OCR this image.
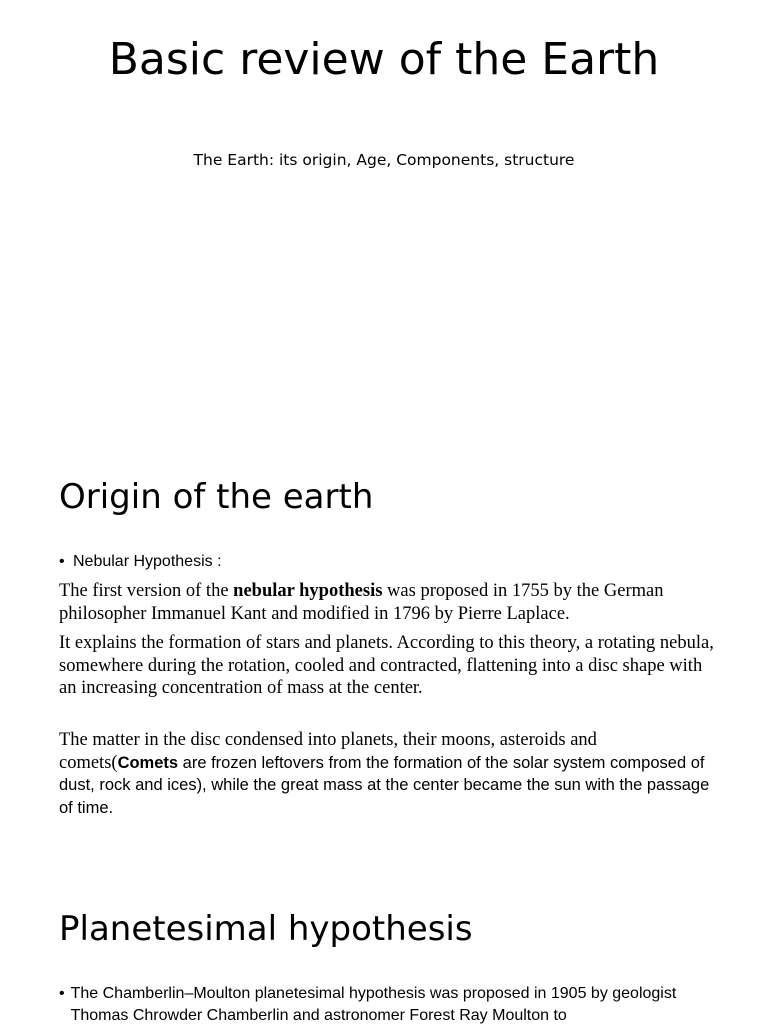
Basic review of the Earth

The Earth: its origin, Age, Components, structure

Origin of the earth
• Nebular Hypothesis :

The first version of the nebular hypothesis was proposed in 1755 by the German philosopher Immanuel Kant and modified in 1796 by Pierre Laplace.

It explains the formation of stars and planets. According to this theory, a rotating nebula, somewhere during the rotation, cooled and contracted, flattening into a disc shape with an increasing concentration of mass at the center.

The matter in the disc condensed into planets, their moons, asteroids and comets(Comets are frozen leftovers from the formation of the solar system composed of dust, rock and ices), while the great mass at the center became the sun with the passage of time.

Planetesimal hypothesis
• The Chamberlin–Moulton planetesimal hypothesis was proposed in 1905 by geologist Thomas Chrowder Chamberlin and astronomer Forest Ray Moulton to
